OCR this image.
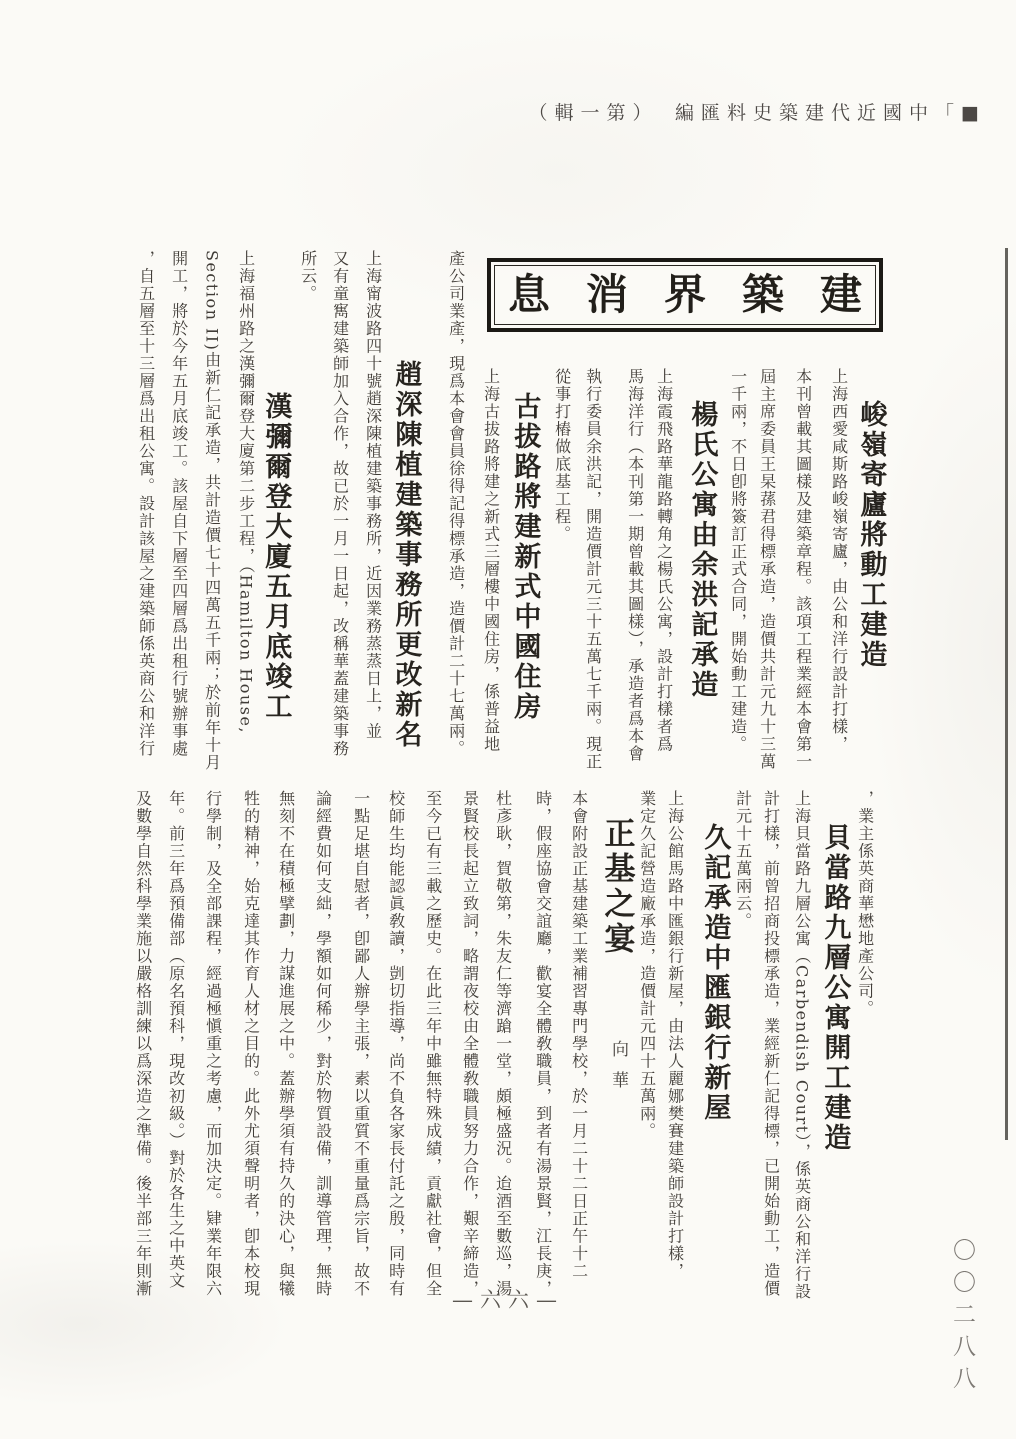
（輯一第）　編匯料史築建代近國中「■
息消界築建
峻嶺寄廬將動工建造
上海西愛咸斯路峻嶺寄廬，由公和洋行設計打樣，
本刊曾載其圖樣及建築章程。該項工程業經本會第一
屆主席委員王杲蓀君得標承造，造價共計元九十三萬
一千兩，不日卽將簽訂正式合同，開始動工建造。
楊氏公寓由余洪記承造
上海霞飛路華龍路轉角之楊氏公寓，設計打樣者爲
馬海洋行（本刊第一期曾載其圖樣），承造者爲本會
執行委員余洪記，開造價計元三十五萬七千兩。現正
從事打樁做底基工程。
古拔路將建新式中國住房
上海古拔路將建之新式三層樓中國住房，係普益地
產公司業產，現爲本會會員徐得記得標承造，造價計二十七萬兩。
趙深陳植建築事務所更改新名
上海甯波路四十號趙深陳植建築事務所，近因業務蒸蒸日上，並
又有童寯建築師加入合作，故已於一月一日起，改稱華蓋建築事務
所云。
漢彌爾登大廈五月底竣工
上海福州路之漢彌爾登大廈第二步工程，（Hamilton House,
Section II)由新仁記承造，共計造價七十四萬五千兩；於前年十月
開工，將於今年五月底竣工。該屋自下層至四層爲出租行號辦事處
，自五層至十三層爲出租公寓。設計該屋之建築師係英商公和洋行
，業主係英商華懋地產公司。
貝當路九層公寓開工建造
上海貝當路九層公寓（Carbendish Court），係英商公和洋行設
計打樣，前曾招商投標承造，業經新仁記得標，已開始動工，造價
計元十五萬兩云。
久記承造中匯銀行新屋
上海公館馬路中匯銀行新屋，由法人麗娜樊賽建築師設計打樣，
業定久記營造廠承造，造價計元四十五萬兩。
正基之宴
向華
本會附設正基建築工業補習專門學校，於一月二十二日正午十二
時，假座協會交誼廳，歡宴全體敎職員，到者有湯景賢，江長庚，
杜彥耿，賀敬第，朱友仁等濟蹌一堂，頗極盛況。迨酒至數巡，湯
景賢校長起立致詞，略謂夜校由全體敎職員努力合作，艱辛締造，
至今已有三載之歷史。在此三年中雖無特殊成績，貢獻社會，但全
校師生均能認眞敎讀，剴切指導，尚不負各家長付託之殷，同時有
一點足堪自慰者，卽鄙人辦學主張，素以重質不重量爲宗旨，故不
論經費如何支絀，學額如何稀少，對於物質設備，訓導管理，無時
無刻不在積極擘劃，力謀進展之中。蓋辦學須有持久的決心，與犧
牲的精神，始克達其作育人材之目的。此外尤須聲明者，卽本校現
行學制，及全部課程，經過極愼重之考慮，而加決定。肄業年限六
年。前三年爲預備部（原名預科，現改初級。）對於各生之中英文
及數學自然科學業施以嚴格訓練以爲深造之準備。後半部三年則漸
—六六—	〇〇二八八
